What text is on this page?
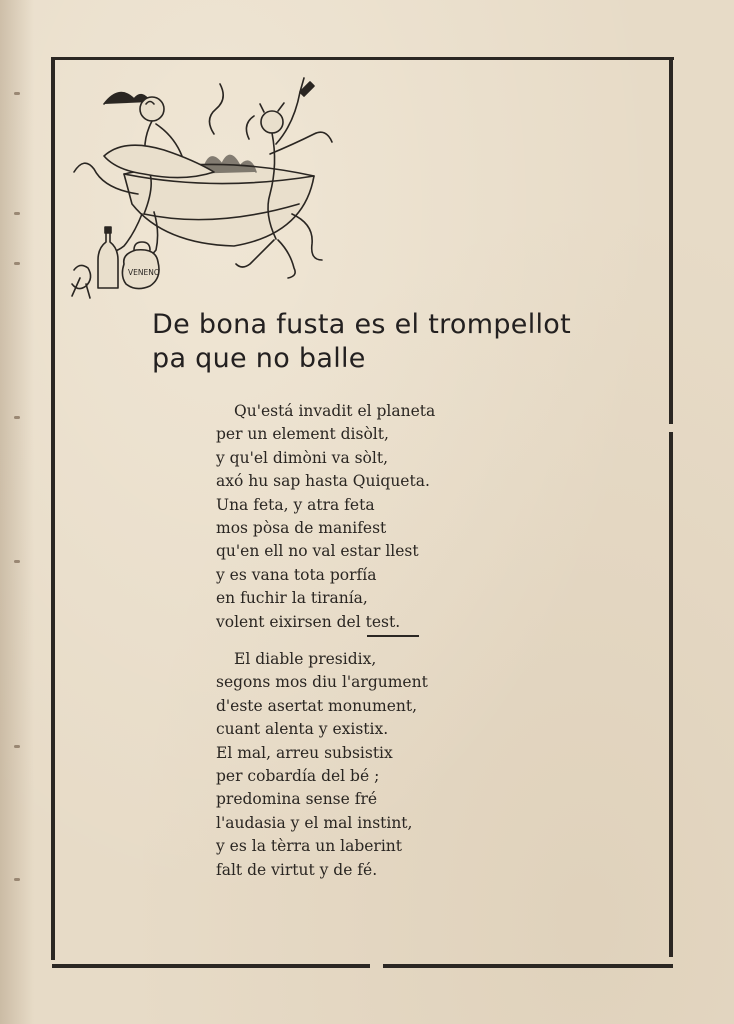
VENENO
De bona fusta es el trompellot
pa que no balle
Qu'está invadit el planeta
per un element disòlt,
y qu'el dimòni va sòlt,
axó hu sap hasta Quiqueta.
Una feta, y atra feta
mos pòsa de manifest
qu'en ell no val estar llest
y es vana tota porfía
en fuchir la tiranía,
volent eixirsen del test.
El diable presidix,
segons mos diu l'argument
d'este asertat monument,
cuant alenta y existix.
El mal, arreu subsistix
per cobardía del bé ;
predomina sense fré
l'audasia y el mal instint,
y es la tèrra un laberint
falt de virtut y de fé.
